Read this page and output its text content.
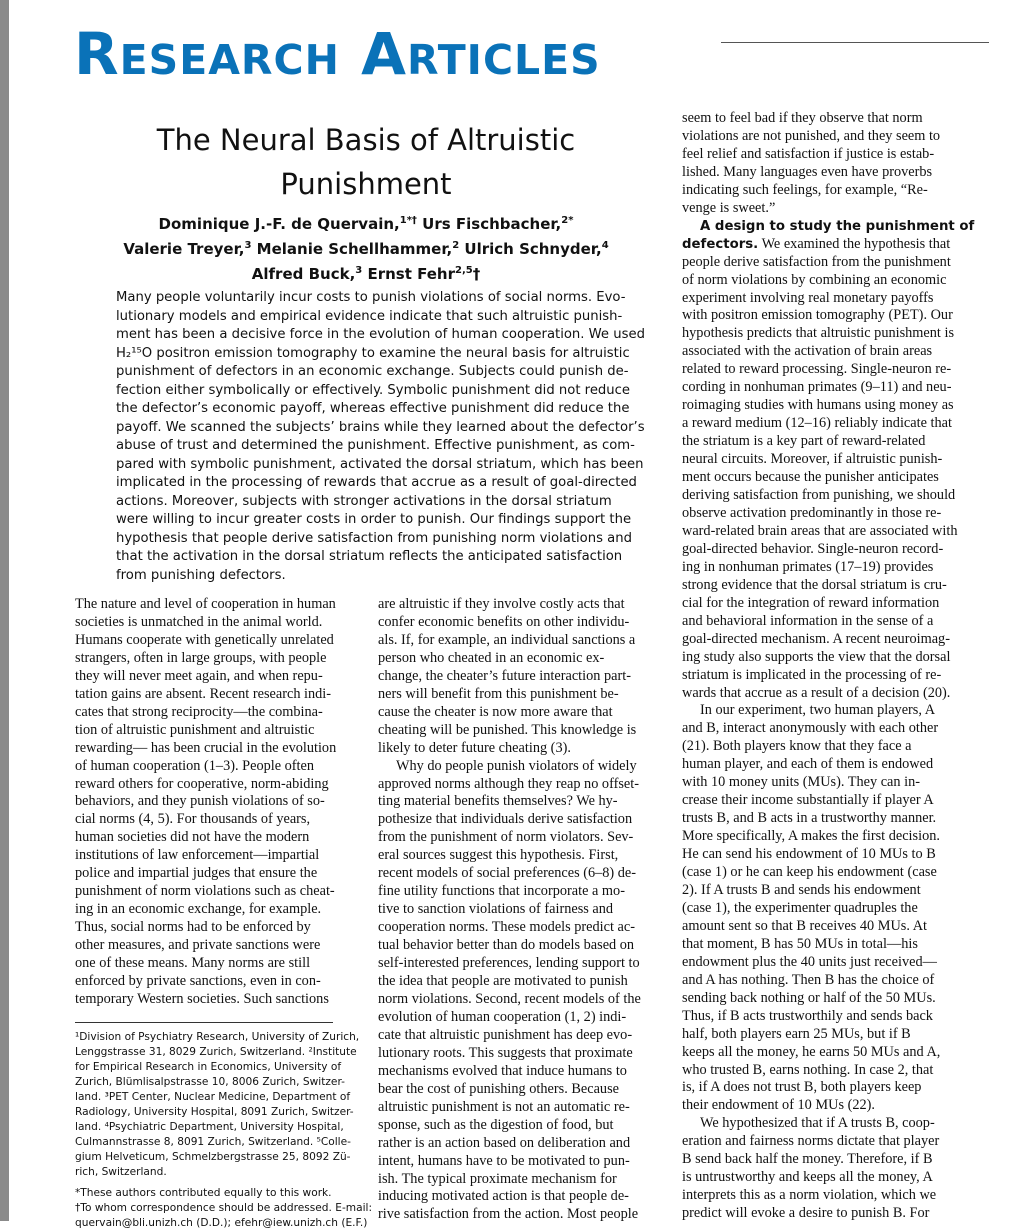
Research Articles
The Neural Basis of Altruistic Punishment
Dominique J.-F. de Quervain,$^{1*\dagger}$ Urs Fischbacher,$^{2*}$
Valerie Treyer,$^3$ Melanie Schellhammer,$^2$ Ulrich Schnyder,$^4$
Alfred Buck,$^3$ Ernst Fehr$^{2,5}$†
Many people voluntarily incur costs to punish violations of social norms. Evo-
lutionary models and empirical evidence indicate that such altruistic punish-
ment has been a decisive force in the evolution of human cooperation. We used
H₂¹⁵O positron emission tomography to examine the neural basis for altruistic
punishment of defectors in an economic exchange. Subjects could punish de-
fection either symbolically or effectively. Symbolic punishment did not reduce
the defector’s economic payoff, whereas effective punishment did reduce the
payoff. We scanned the subjects’ brains while they learned about the defector’s
abuse of trust and determined the punishment. Effective punishment, as com-
pared with symbolic punishment, activated the dorsal striatum, which has been
implicated in the processing of rewards that accrue as a result of goal-directed
actions. Moreover, subjects with stronger activations in the dorsal striatum
were willing to incur greater costs in order to punish. Our findings support the
hypothesis that people derive satisfaction from punishing norm violations and
that the activation in the dorsal striatum reflects the anticipated satisfaction
from punishing defectors.
The nature and level of cooperation in human
societies is unmatched in the animal world.
Humans cooperate with genetically unrelated
strangers, often in large groups, with people
they will never meet again, and when repu-
tation gains are absent. Recent research indi-
cates that strong reciprocity—the combina-
tion of altruistic punishment and altruistic
rewarding— has been crucial in the evolution
of human cooperation (1–3). People often
reward others for cooperative, norm-abiding
behaviors, and they punish violations of so-
cial norms (4, 5). For thousands of years,
human societies did not have the modern
institutions of law enforcement—impartial
police and impartial judges that ensure the
punishment of norm violations such as cheat-
ing in an economic exchange, for example.
Thus, social norms had to be enforced by
other measures, and private sanctions were
one of these means. Many norms are still
enforced by private sanctions, even in con-
temporary Western societies. Such sanctions
¹Division of Psychiatry Research, University of Zurich,
Lenggstrasse 31, 8029 Zurich, Switzerland. ²Institute
for Empirical Research in Economics, University of
Zurich, Blümlisalpstrasse 10, 8006 Zurich, Switzer-
land. ³PET Center, Nuclear Medicine, Department of
Radiology, University Hospital, 8091 Zurich, Switzer-
land. ⁴Psychiatric Department, University Hospital,
Culmannstrasse 8, 8091 Zurich, Switzerland. ⁵Colle-
gium Helveticum, Schmelzbergstrasse 25, 8092 Zü-
rich, Switzerland.
*These authors contributed equally to this work.
†To whom correspondence should be addressed. E-mail:
quervain@bli.unizh.ch (D.D.); efehr@iew.unizh.ch (E.F.)
are altruistic if they involve costly acts that
confer economic benefits on other individu-
als. If, for example, an individual sanctions a
person who cheated in an economic ex-
change, the cheater’s future interaction part-
ners will benefit from this punishment be-
cause the cheater is now more aware that
cheating will be punished. This knowledge is
likely to deter future cheating (3).
Why do people punish violators of widely
approved norms although they reap no offset-
ting material benefits themselves? We hy-
pothesize that individuals derive satisfaction
from the punishment of norm violators. Sev-
eral sources suggest this hypothesis. First,
recent models of social preferences (6–8) de-
fine utility functions that incorporate a mo-
tive to sanction violations of fairness and
cooperation norms. These models predict ac-
tual behavior better than do models based on
self-interested preferences, lending support to
the idea that people are motivated to punish
norm violations. Second, recent models of the
evolution of human cooperation (1, 2) indi-
cate that altruistic punishment has deep evo-
lutionary roots. This suggests that proximate
mechanisms evolved that induce humans to
bear the cost of punishing others. Because
altruistic punishment is not an automatic re-
sponse, such as the digestion of food, but
rather is an action based on deliberation and
intent, humans have to be motivated to pun-
ish. The typical proximate mechanism for
inducing motivated action is that people de-
rive satisfaction from the action. Most people
seem to feel bad if they observe that norm
violations are not punished, and they seem to
feel relief and satisfaction if justice is estab-
lished. Many languages even have proverbs
indicating such feelings, for example, “Re-
venge is sweet.”
A design to study the punishment of
defectors. We examined the hypothesis that
people derive satisfaction from the punishment
of norm violations by combining an economic
experiment involving real monetary payoffs
with positron emission tomography (PET). Our
hypothesis predicts that altruistic punishment is
associated with the activation of brain areas
related to reward processing. Single-neuron re-
cording in nonhuman primates (9–11) and neu-
roimaging studies with humans using money as
a reward medium (12–16) reliably indicate that
the striatum is a key part of reward-related
neural circuits. Moreover, if altruistic punish-
ment occurs because the punisher anticipates
deriving satisfaction from punishing, we should
observe activation predominantly in those re-
ward-related brain areas that are associated with
goal-directed behavior. Single-neuron record-
ing in nonhuman primates (17–19) provides
strong evidence that the dorsal striatum is cru-
cial for the integration of reward information
and behavioral information in the sense of a
goal-directed mechanism. A recent neuroimag-
ing study also supports the view that the dorsal
striatum is implicated in the processing of re-
wards that accrue as a result of a decision (20).
In our experiment, two human players, A
and B, interact anonymously with each other
(21). Both players know that they face a
human player, and each of them is endowed
with 10 money units (MUs). They can in-
crease their income substantially if player A
trusts B, and B acts in a trustworthy manner.
More specifically, A makes the first decision.
He can send his endowment of 10 MUs to B
(case 1) or he can keep his endowment (case
2). If A trusts B and sends his endowment
(case 1), the experimenter quadruples the
amount sent so that B receives 40 MUs. At
that moment, B has 50 MUs in total—his
endowment plus the 40 units just received—
and A has nothing. Then B has the choice of
sending back nothing or half of the 50 MUs.
Thus, if B acts trustworthily and sends back
half, both players earn 25 MUs, but if B
keeps all the money, he earns 50 MUs and A,
who trusted B, earns nothing. In case 2, that
is, if A does not trust B, both players keep
their endowment of 10 MUs (22).
We hypothesized that if A trusts B, coop-
eration and fairness norms dictate that player
B send back half the money. Therefore, if B
is untrustworthy and keeps all the money, A
interprets this as a norm violation, which we
predict will evoke a desire to punish B. For
